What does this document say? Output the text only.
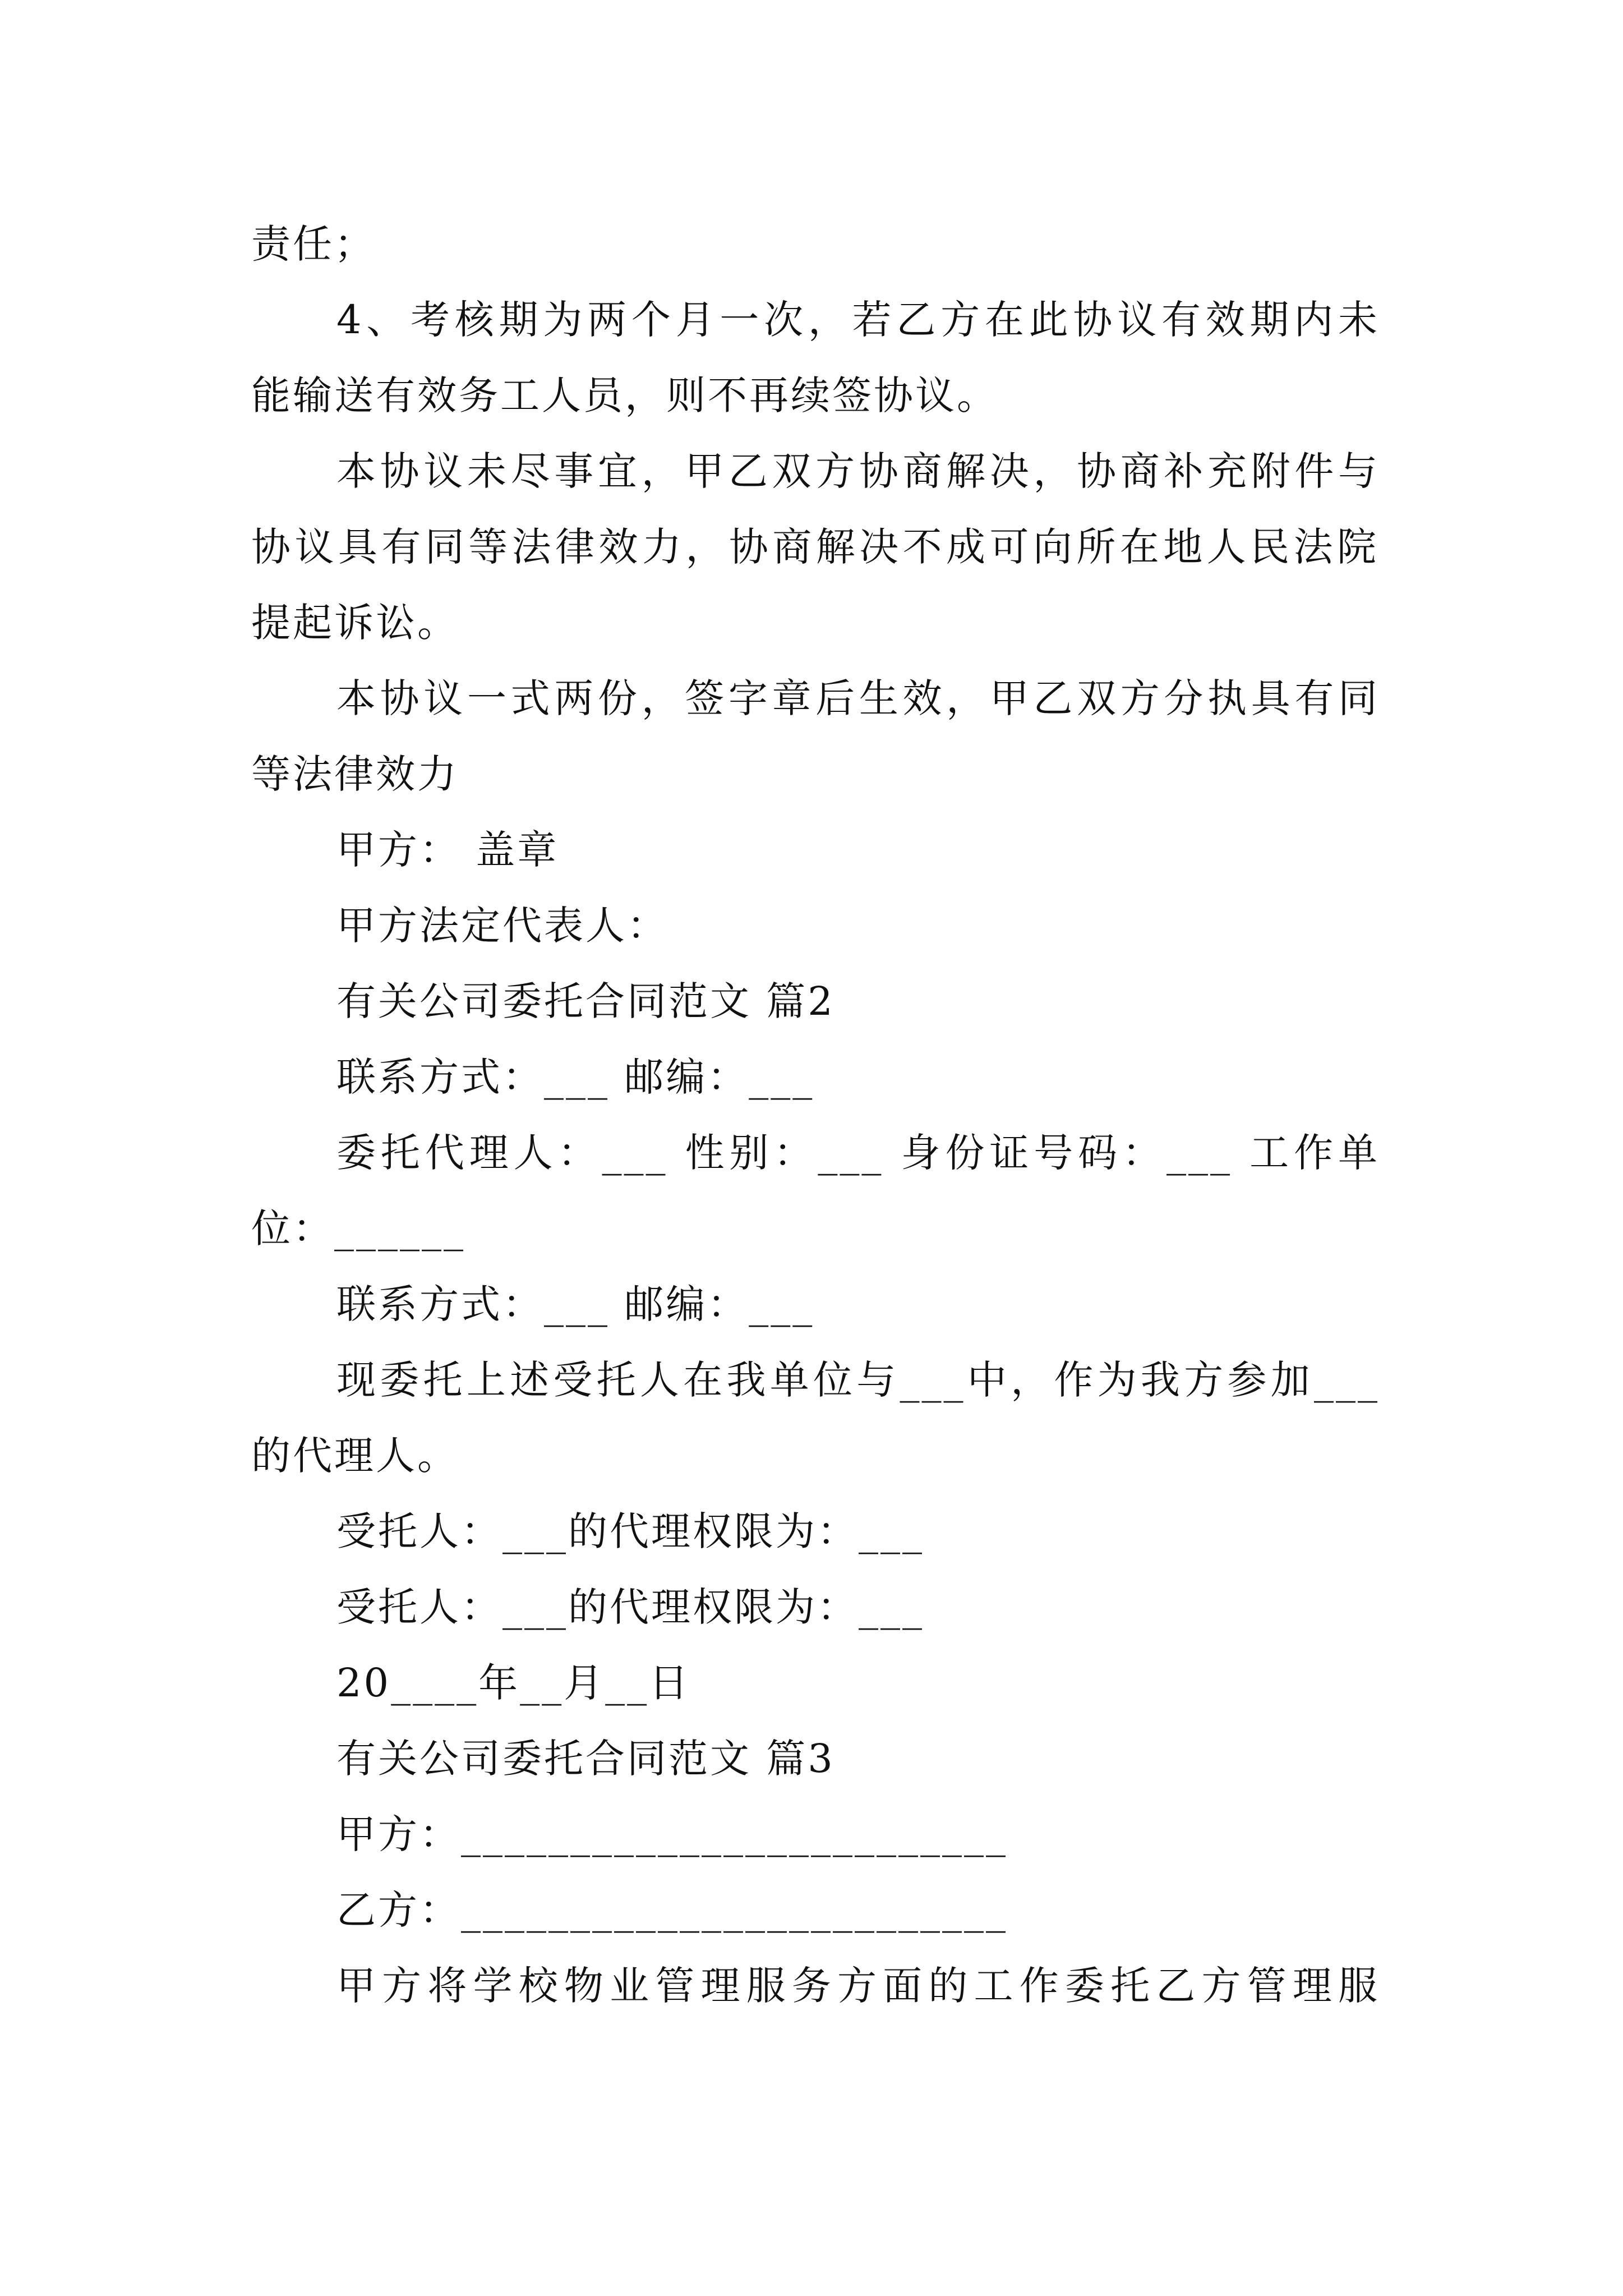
责任；
4、考核期为两个月一次，若乙方在此协议有效期内未
能输送有效务工人员，则不再续签协议。
本协议未尽事宜，甲乙双方协商解决，协商补充附件与
协议具有同等法律效力，协商解决不成可向所在地人民法院
提起诉讼。
本协议一式两份，签字章后生效，甲乙双方分执具有同
等法律效力
甲方： 盖章
甲方法定代表人：
有关公司委托合同范文 篇2
联系方式：___ 邮编：___
委托代理人：___ 性别：___ 身份证号码：___ 工作单
位：______
联系方式：___ 邮编：___
现委托上述受托人在我单位与___中，作为我方参加___
的代理人。
受托人：___的代理权限为：___
受托人：___的代理权限为：___
20____年__月__日
有关公司委托合同范文 篇3
甲方：_________________________
乙方：_________________________
甲方将学校物业管理服务方面的工作委托乙方管理服
